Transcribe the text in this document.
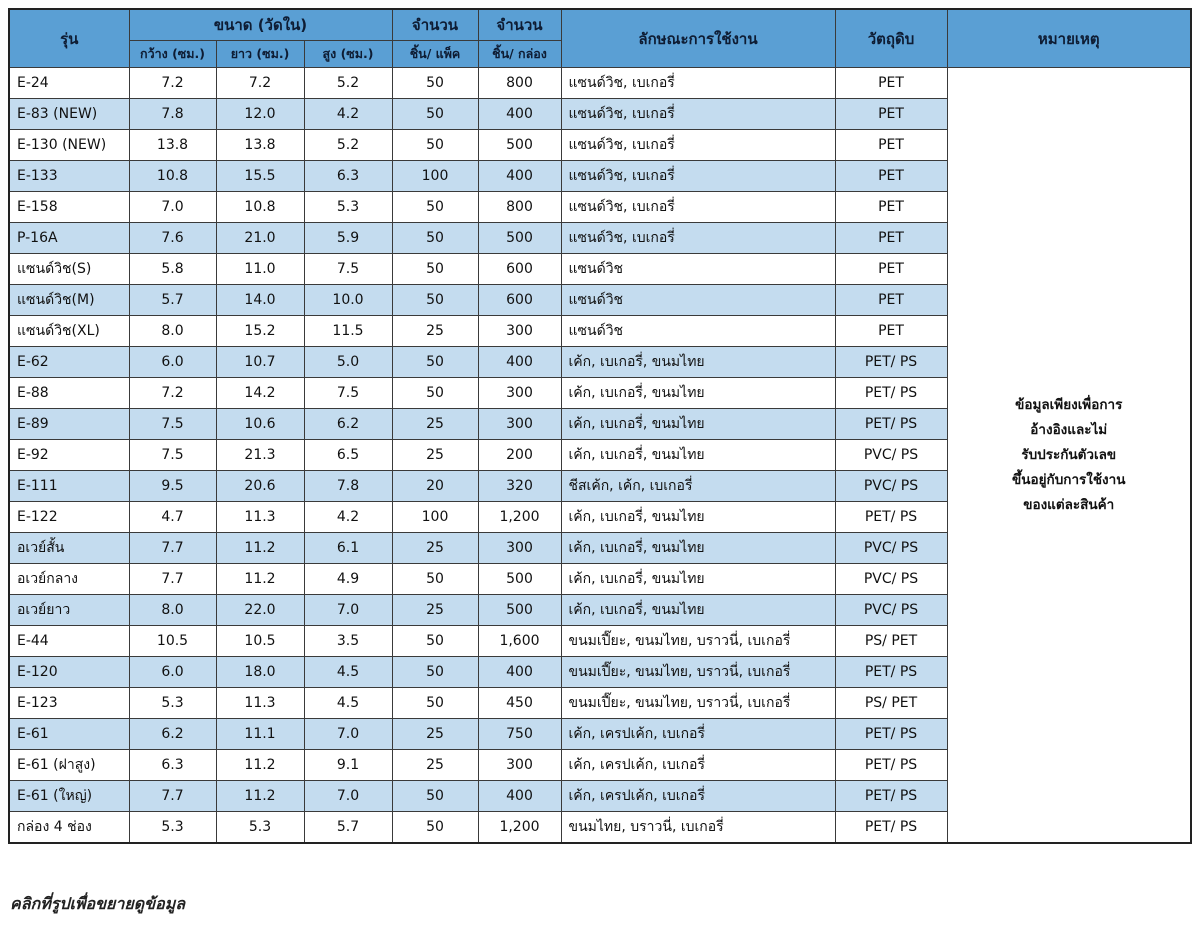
รุ่น	ขนาด (วัดใน)			จำนวน	จำนวน	ลักษณะการใช้งาน	วัตถุดิบ	หมายเหตุ
	กว้าง (ซม.)	ยาว (ซม.)	สูง (ซม.)	ชิ้น/ แพ็ค	ชิ้น/ กล่อง			
E-24	7.2	7.2	5.2	50	800	แซนด์วิช, เบเกอรี่	PET	ข้อมูลเพียงเพื่อการ
อ้างอิงและไม่
รับประกันตัวเลข
ขึ้นอยู่กับการใช้งาน
ของแต่ละสินค้า

E-83 (NEW)	7.8	12.0	4.2	50	400	แซนด์วิช, เบเกอรี่	PET	
E-130 (NEW)	13.8	13.8	5.2	50	500	แซนด์วิช, เบเกอรี่	PET	
E-133	10.8	15.5	6.3	100	400	แซนด์วิช, เบเกอรี่	PET	
E-158	7.0	10.8	5.3	50	800	แซนด์วิช, เบเกอรี่	PET	
P-16A	7.6	21.0	5.9	50	500	แซนด์วิช, เบเกอรี่	PET	
แซนด์วิช(S)	5.8	11.0	7.5	50	600	แซนด์วิช	PET	
แซนด์วิช(M)	5.7	14.0	10.0	50	600	แซนด์วิช	PET	
แซนด์วิช(XL)	8.0	15.2	11.5	25	300	แซนด์วิช	PET	
E-62	6.0	10.7	5.0	50	400	เค้ก, เบเกอรี่, ขนมไทย	PET/ PS	
E-88	7.2	14.2	7.5	50	300	เค้ก, เบเกอรี่, ขนมไทย	PET/ PS	
E-89	7.5	10.6	6.2	25	300	เค้ก, เบเกอรี่, ขนมไทย	PET/ PS	
E-92	7.5	21.3	6.5	25	200	เค้ก, เบเกอรี่, ขนมไทย	PVC/ PS	
E-111	9.5	20.6	7.8	20	320	ชีสเค้ก, เค้ก, เบเกอรี่	PVC/ PS	
E-122	4.7	11.3	4.2	100	1,200	เค้ก, เบเกอรี่, ขนมไทย	PET/ PS	
อเวย์สั้น	7.7	11.2	6.1	25	300	เค้ก, เบเกอรี่, ขนมไทย	PVC/ PS	
อเวย์กลาง	7.7	11.2	4.9	50	500	เค้ก, เบเกอรี่, ขนมไทย	PVC/ PS	
อเวย์ยาว	8.0	22.0	7.0	25	500	เค้ก, เบเกอรี่, ขนมไทย	PVC/ PS	
E-44	10.5	10.5	3.5	50	1,600	ขนมเปี๊ยะ, ขนมไทย, บราวนี่, เบเกอรี่	PS/ PET	
E-120	6.0	18.0	4.5	50	400	ขนมเปี๊ยะ, ขนมไทย, บราวนี่, เบเกอรี่	PET/ PS	
E-123	5.3	11.3	4.5	50	450	ขนมเปี๊ยะ, ขนมไทย, บราวนี่, เบเกอรี่	PS/ PET	
E-61	6.2	11.1	7.0	25	750	เค้ก, เครปเค้ก, เบเกอรี่	PET/ PS	
E-61 (ฝาสูง)	6.3	11.2	9.1	25	300	เค้ก, เครปเค้ก, เบเกอรี่	PET/ PS	
E-61 (ใหญ่)	7.7	11.2	7.0	50	400	เค้ก, เครปเค้ก, เบเกอรี่	PET/ PS	
กล่อง 4 ช่อง	5.3	5.3	5.7	50	1,200	ขนมไทย, บราวนี่, เบเกอรี่	PET/ PS	
คลิกที่รูปเพื่อขยายดูข้อมูล
